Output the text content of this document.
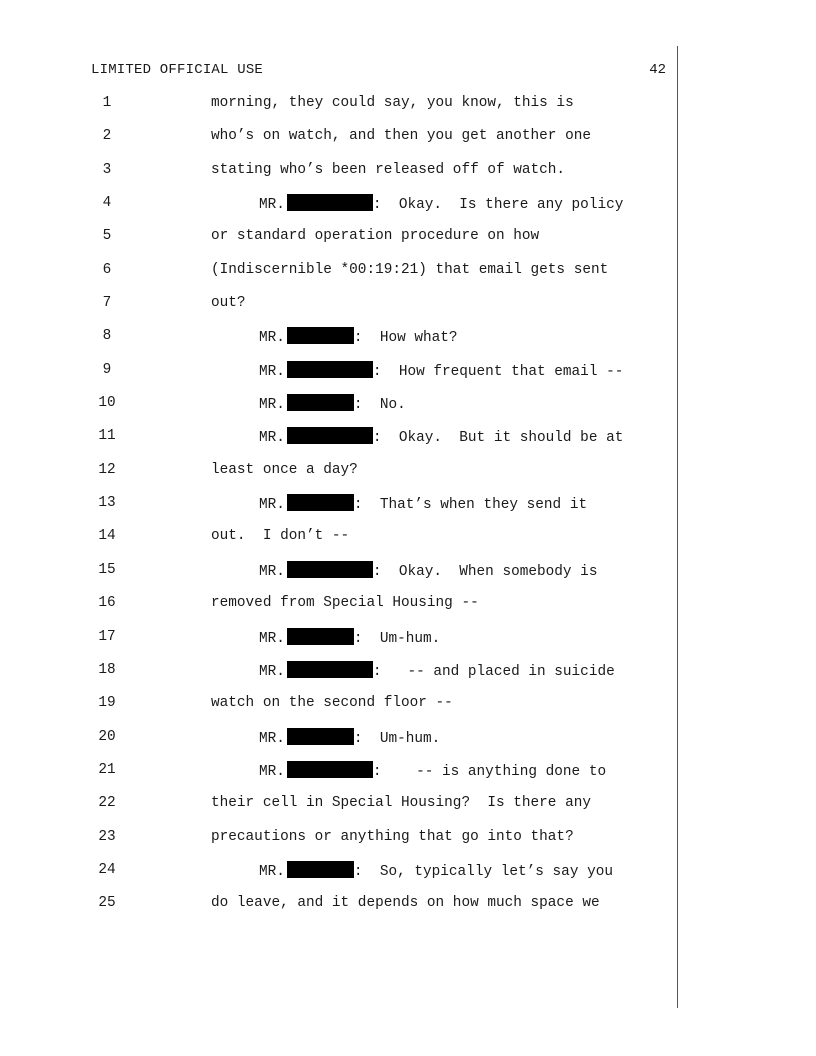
LIMITED OFFICIAL USE	42
1	morning, they could say, you know, this is
2	who’s on watch, and then you get another one
3	stating who’s been released off of watch.
4	MR.	:  Okay.  Is there any policy
5	or standard operation procedure on how
6	(Indiscernible *00:19:21) that email gets sent
7	out?
8	MR.	:  How what?
9	MR.	:  How frequent that email --
10	MR.	:  No.
11	MR.	:  Okay.  But it should be at
12	least once a day?
13	MR.	:  That’s when they send it
14	out.  I don’t --
15	MR.	:  Okay.  When somebody is
16	removed from Special Housing --
17	MR.	:  Um-hum.
18	MR.	:   -- and placed in suicide
19	watch on the second floor --
20	MR.	:  Um-hum.
21	MR.	:    -- is anything done to
22	their cell in Special Housing?  Is there any
23	precautions or anything that go into that?
24	MR.	:  So, typically let’s say you
25	do leave, and it depends on how much space we
